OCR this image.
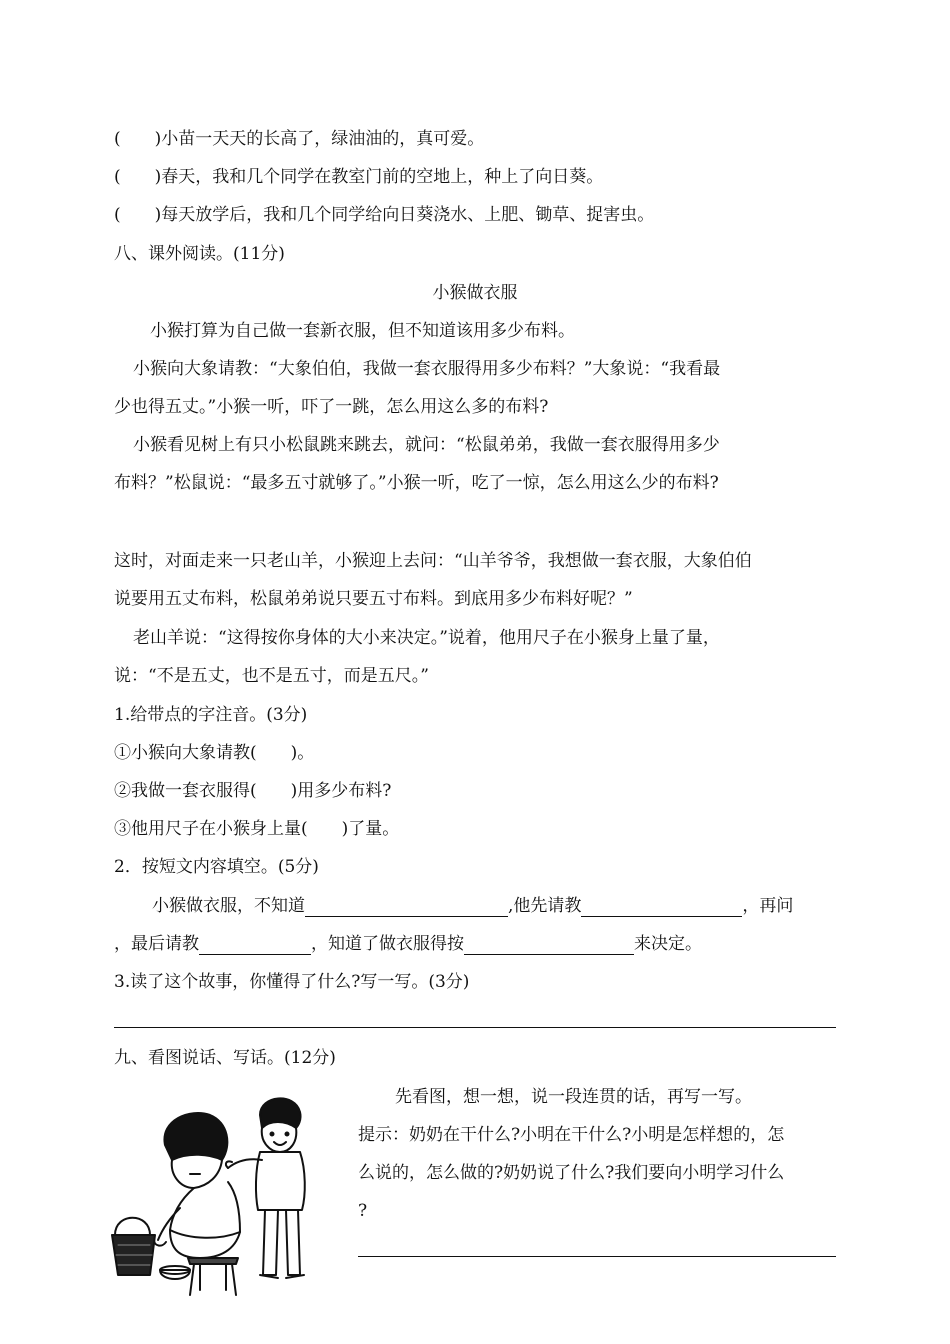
(　　)小苗一天天的长高了，绿油油的，真可爱。
(　　)春天，我和几个同学在教室门前的空地上，种上了向日葵。
(　　)每天放学后，我和几个同学给向日葵浇水、上肥、锄草、捉害虫。
八、课外阅读。(11分)
小猴做衣服
小猴打算为自己做一套新衣服，但不知道该用多少布料。
小猴向大象请教：“大象伯伯，我做一套衣服得用多少布料？”大象说：“我看最
少也得五丈。”小猴一听，吓了一跳，怎么用这么多的布料?
小猴看见树上有只小松鼠跳来跳去，就问：“松鼠弟弟，我做一套衣服得用多少
布料？”松鼠说：“最多五寸就够了。”小猴一听，吃了一惊，怎么用这么少的布料?
这时，对面走来一只老山羊，小猴迎上去问：“山羊爷爷，我想做一套衣服，大象伯伯
说要用五丈布料，松鼠弟弟说只要五寸布料。到底用多少布料好呢？”
老山羊说：“这得按你身体的大小来决定。”说着，他用尺子在小猴身上量了量，
说：“不是五丈，也不是五寸，而是五尺。”
1.给带点的字注音。(3分)
①小猴向大象请教(　　)。
②我做一套衣服得(　　)用多少布料?
③他用尺子在小猴身上量(　　)了量。
2．按短文内容填空。(5分)
小猴做衣服，不知道	,他先请教	，再问
，最后请教	，知道了做衣服得按	来决定。
3.读了这个故事，你懂得了什么?写一写。(3分)
九、看图说话、写话。(12分)
先看图，想一想，说一段连贯的话，再写一写。
提示：奶奶在干什么?小明在干什么?小明是怎样想的，怎
么说的，怎么做的?奶奶说了什么?我们要向小明学习什么
?
